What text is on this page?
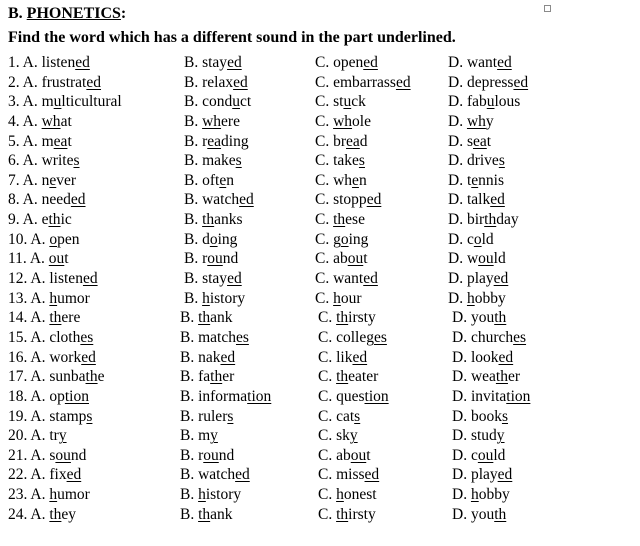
B. PHONETICS:
Find the word which has a different sound in the part underlined.
1. A. listened	B. stayed	C. opened	D. wanted
2. A. frustrated	B. relaxed	C. embarrassed D. depressed
3. A. multicultural	B. conduct	C. stuck	D. fabulous
4. A. what	B. where	C. whole	D. why
5. A. meat	B. reading	C. bread	D. seat
6. A. writes	B. makes	C. takes	D. drives
7. A. never	B. often	C. when	D. tennis
8. A. needed	B. watched	C. stopped	D. talked
9. A. ethic	B. thanks	C. these	D. birthday
10. A. open	B. doing	C. going	D. cold
11. A. out	B. round	C. about	D. would
12. A. listened	B. stayed	C. wanted	D. played
13. A. humor	B. history	C. hour	D. hobby
14. A. there	B. thank	C. thirsty	D. youth
15. A. clothes	B. matches	C. colleges	D. churches
16. A. worked	B. naked	C. liked	D. looked
17. A. sunbathe	B. father	C. theater	D. weather
18. A. option	B. information	C. question	D. invitation
19. A. stamps	B. rulers	C. cats	D. books
20. A. try	B. my	C. sky	D. study
21. A. sound	B. round	C. about	D. could
22. A. fixed	B. watched	C. missed	D. played
23. A. humor	B. history	C. honest	D. hobby
24. A. they	B. thank	C. thirsty	D. youth
